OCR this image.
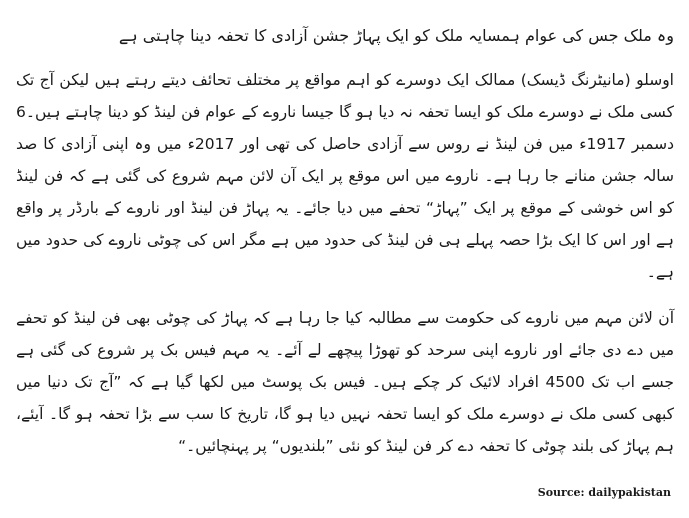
وہ ملک جس کی عوام ہمسایہ ملک کو ایک پہاڑ جشن آزادی کا تحفہ دینا چاہتی ہے

اوسلو (مانیٹرنگ ڈیسک) ممالک ایک دوسرے کو اہم مواقع پر مختلف تحائف دیتے رہتے ہیں لیکن آج تک کسی ملک نے دوسرے ملک کو ایسا تحفہ نہ دیا ہو گا جیسا ناروے کے عوام فن لینڈ کو دینا چاہتے ہیں۔6 دسمبر 1917ء میں فن لینڈ نے روس سے آزادی حاصل کی تھی اور 2017ء میں وہ اپنی آزادی کا صد سالہ جشن منانے جا رہا ہے۔ ناروے میں اس موقع پر ایک آن لائن مہم شروع کی گئی ہے کہ فن لینڈ کو اس خوشی کے موقع پر ایک ”پہاڑ“ تحفے میں دیا جائے۔ یہ پہاڑ فن لینڈ اور ناروے کے بارڈر پر واقع ہے اور اس کا ایک بڑا حصہ پہلے ہی فن لینڈ کی حدود میں ہے مگر اس کی چوٹی ناروے کی حدود میں ہے۔

آن لائن مہم میں ناروے کی حکومت سے مطالبہ کیا جا رہا ہے کہ پہاڑ کی چوٹی بھی فن لینڈ کو تحفے میں دے دی جائے اور ناروے اپنی سرحد کو تھوڑا پیچھے لے آئے۔ یہ مہم فیس بک پر شروع کی گئی ہے جسے اب تک 4500 افراد لائیک کر چکے ہیں۔ فیس بک پوسٹ میں لکھا گیا ہے کہ ”آج تک دنیا میں کبھی کسی ملک نے دوسرے ملک کو ایسا تحفہ نہیں دیا ہو گا، تاریخ کا سب سے بڑا تحفہ ہو گا۔ آیئے، ہم پہاڑ کی بلند چوٹی کا تحفہ دے کر فن لینڈ کو نئی ”بلندیوں“ پر پہنچائیں۔“

Source: dailypakistan
